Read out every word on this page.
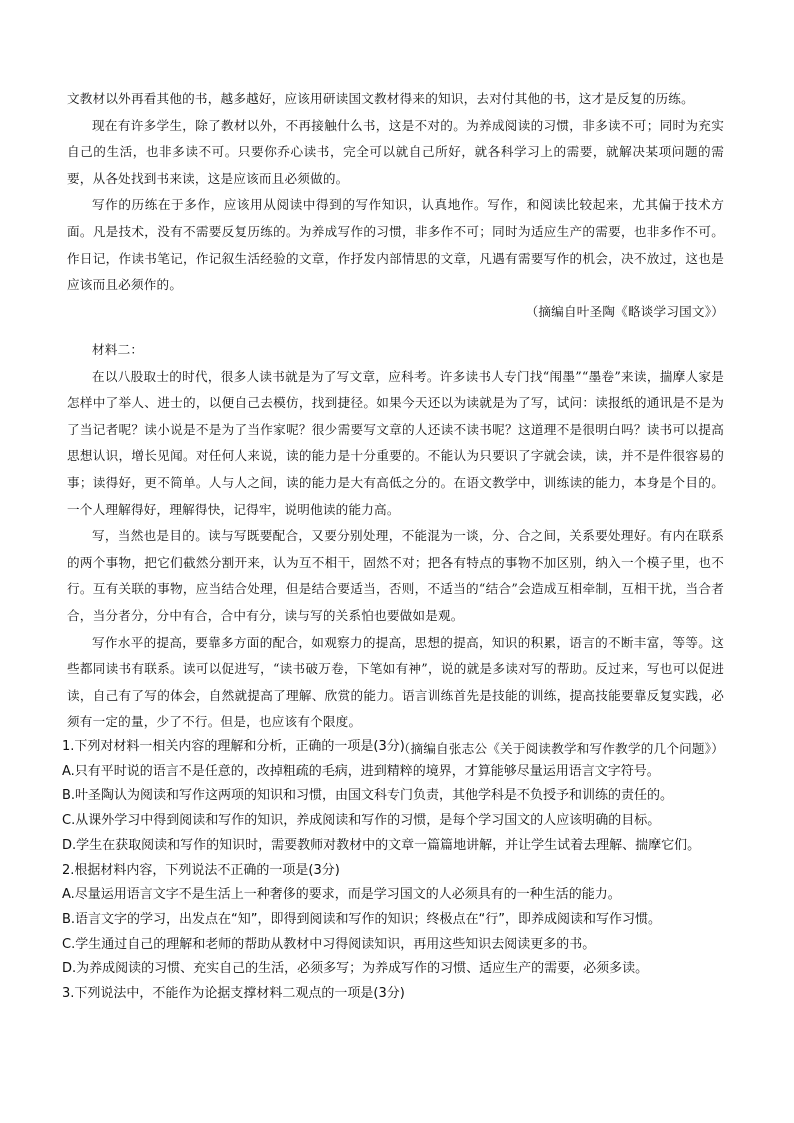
文教材以外再看其他的书，越多越好，应该用研读国文教材得来的知识，去对付其他的书，这才是反复的历练。

现在有许多学生，除了教材以外，不再接触什么书，这是不对的。为养成阅读的习惯，非多读不可；同时为充实自己的生活，也非多读不可。只要你乔心读书，完全可以就自己所好，就各科学习上的需要，就解决某项问题的需要，从各处找到书来读，这是应该而且必须做的。

写作的历练在于多作，应该用从阅读中得到的写作知识，认真地作。写作，和阅读比较起来，尤其偏于技术方面。凡是技术，没有不需要反复历练的。为养成写作的习惯，非多作不可；同时为适应生产的需要，也非多作不可。作日记，作读书笔记，作记叙生活经验的文章，作抒发内部情思的文章，凡遇有需要写作的机会，决不放过，这也是应该而且必须作的。

（摘编自叶圣陶《略谈学习国文》）

材料二：

在以八股取士的时代，很多人读书就是为了写文章，应科考。许多读书人专门找“闱墨”“墨卷”来读，揣摩人家是怎样中了举人、进士的，以便自己去模仿，找到捷径。如果今天还以为读就是为了写，试问：读报纸的通讯是不是为了当记者呢？读小说是不是为了当作家呢？很少需要写文章的人还读不读书呢？这道理不是很明白吗？读书可以提高思想认识，增长见闻。对任何人来说，读的能力是十分重要的。不能认为只要识了字就会读，读，并不是件很容易的事；读得好，更不简单。人与人之间，读的能力是大有高低之分的。在语文教学中，训练读的能力，本身是个目的。一个人理解得好，理解得快，记得牢，说明他读的能力高。

写，当然也是目的。读与写既要配合，又要分别处理，不能混为一谈，分、合之间，关系要处理好。有内在联系的两个事物，把它们截然分割开来，认为互不相干，固然不对；把各有特点的事物不加区别，纳入一个模子里，也不行。互有关联的事物，应当结合处理，但是结合要适当，否则，不适当的“结合”会造成互相牵制，互相干扰，当合者合，当分者分，分中有合，合中有分，读与写的关系怕也要做如是观。

写作水平的提高，要靠多方面的配合，如观察力的提高，思想的提高，知识的积累，语言的不断丰富，等等。这些都同读书有联系。读可以促进写，“读书破万卷，下笔如有神”，说的就是多读对写的帮助。反过来，写也可以促进读，自己有了写的体会，自然就提高了理解、欣赏的能力。语言训练首先是技能的训练，提高技能要靠反复实践，必须有一定的量，少了不行。但是，也应该有个限度。

（摘编自张志公《关于阅读教学和写作教学的几个问题》）

1.下列对材料一相关内容的理解和分析，正确的一项是(3分)
A.只有平时说的语言不是任意的，改掉粗疏的毛病，进到精粹的境界，才算能够尽量运用语言文字符号。
B.叶圣陶认为阅读和写作这两项的知识和习惯，由国文科专门负责，其他学科是不负授予和训练的责任的。
C.从课外学习中得到阅读和写作的知识，养成阅读和写作的习惯，是每个学习国文的人应该明确的目标。
D.学生在获取阅读和写作的知识时，需要教师对教材中的文章一篇篇地讲解，并让学生试着去理解、揣摩它们。
2.根据材料内容，下列说法不正确的一项是(3分)
A.尽量运用语言文字不是生活上一种奢侈的要求，而是学习国文的人必须具有的一种生活的能力。
B.语言文字的学习，出发点在“知”，即得到阅读和写作的知识；终极点在“行”，即养成阅读和写作习惯。
C.学生通过自己的理解和老师的帮助从教材中习得阅读知识，再用这些知识去阅读更多的书。
D.为养成阅读的习惯、充实自己的生活，必须多写；为养成写作的习惯、适应生产的需要，必须多读。
3.下列说法中，不能作为论据支撑材料二观点的一项是(3分)
